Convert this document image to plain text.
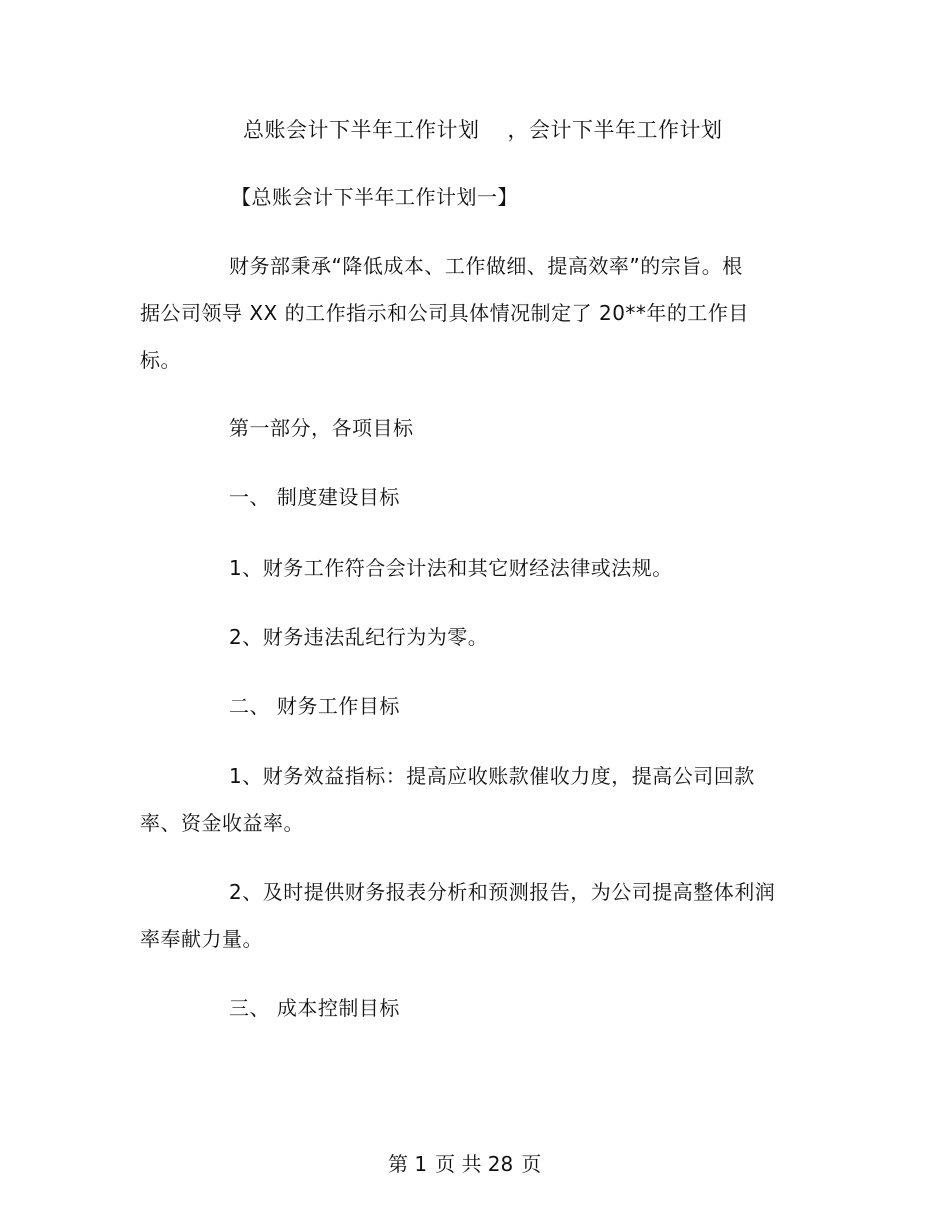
总账会计下半年工作计划 ，会计下半年工作计划
【总账会计下半年工作计划一】
财务部秉承“降低成本、工作做细、提高效率”的宗旨。根
据公司领导 XX 的工作指示和公司具体情况制定了 20**年的工作目
标。
第一部分，各项目标
一、 制度建设目标
1、财务工作符合会计法和其它财经法律或法规。
2、财务违法乱纪行为为零。
二、 财务工作目标
1、财务效益指标：提高应收账款催收力度，提高公司回款
率、资金收益率。
2、及时提供财务报表分析和预测报告，为公司提高整体利润
率奉献力量。
三、 成本控制目标
第 1 页 共 28 页
